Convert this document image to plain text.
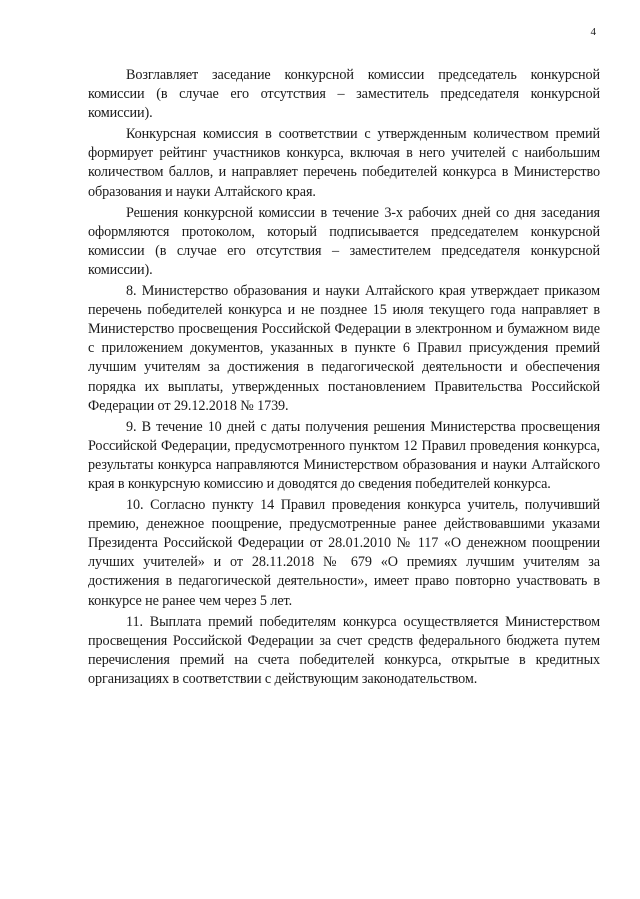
4

Возглавляет заседание конкурсной комиссии председатель конкурсной комиссии (в случае его отсутствия – заместитель председателя конкурсной комиссии).

Конкурсная комиссия в соответствии с утвержденным количеством премий формирует рейтинг участников конкурса, включая в него учителей с наибольшим количеством баллов, и направляет перечень победителей конкурса в Министерство образования и науки Алтайского края.

Решения конкурсной комиссии в течение 3-х рабочих дней со дня заседания оформляются протоколом, который подписывается председателем конкурсной комиссии (в случае его отсутствия – заместителем председателя конкурсной комиссии).

8. Министерство образования и науки Алтайского края утверждает приказом перечень победителей конкурса и не позднее 15 июля текущего года направляет в Министерство просвещения Российской Федерации в электронном и бумажном виде с приложением документов, указанных в пункте 6 Правил присуждения премий лучшим учителям за достижения в педагогической деятельности и обеспечения порядка их выплаты, утвержденных постановлением Правительства Российской Федерации от 29.12.2018 № 1739.

9. В течение 10 дней с даты получения решения Министерства просвещения Российской Федерации, предусмотренного пунктом 12 Правил проведения конкурса, результаты конкурса направляются Министерством образования и науки Алтайского края в конкурсную комиссию и доводятся до сведения победителей конкурса.

10. Согласно пункту 14 Правил проведения конкурса учитель, получивший премию, денежное поощрение, предусмотренные ранее действовавшими указами Президента Российской Федерации от 28.01.2010 № 117 «О денежном поощрении лучших учителей» и от 28.11.2018 № 679 «О премиях лучшим учителям за достижения в педагогической деятельности», имеет право повторно участвовать в конкурсе не ранее чем через 5 лет.

11. Выплата премий победителям конкурса осуществляется Министерством просвещения Российской Федерации за счет средств федерального бюджета путем перечисления премий на счета победителей конкурса, открытые в кредитных организациях в соответствии с действующим законодательством.
